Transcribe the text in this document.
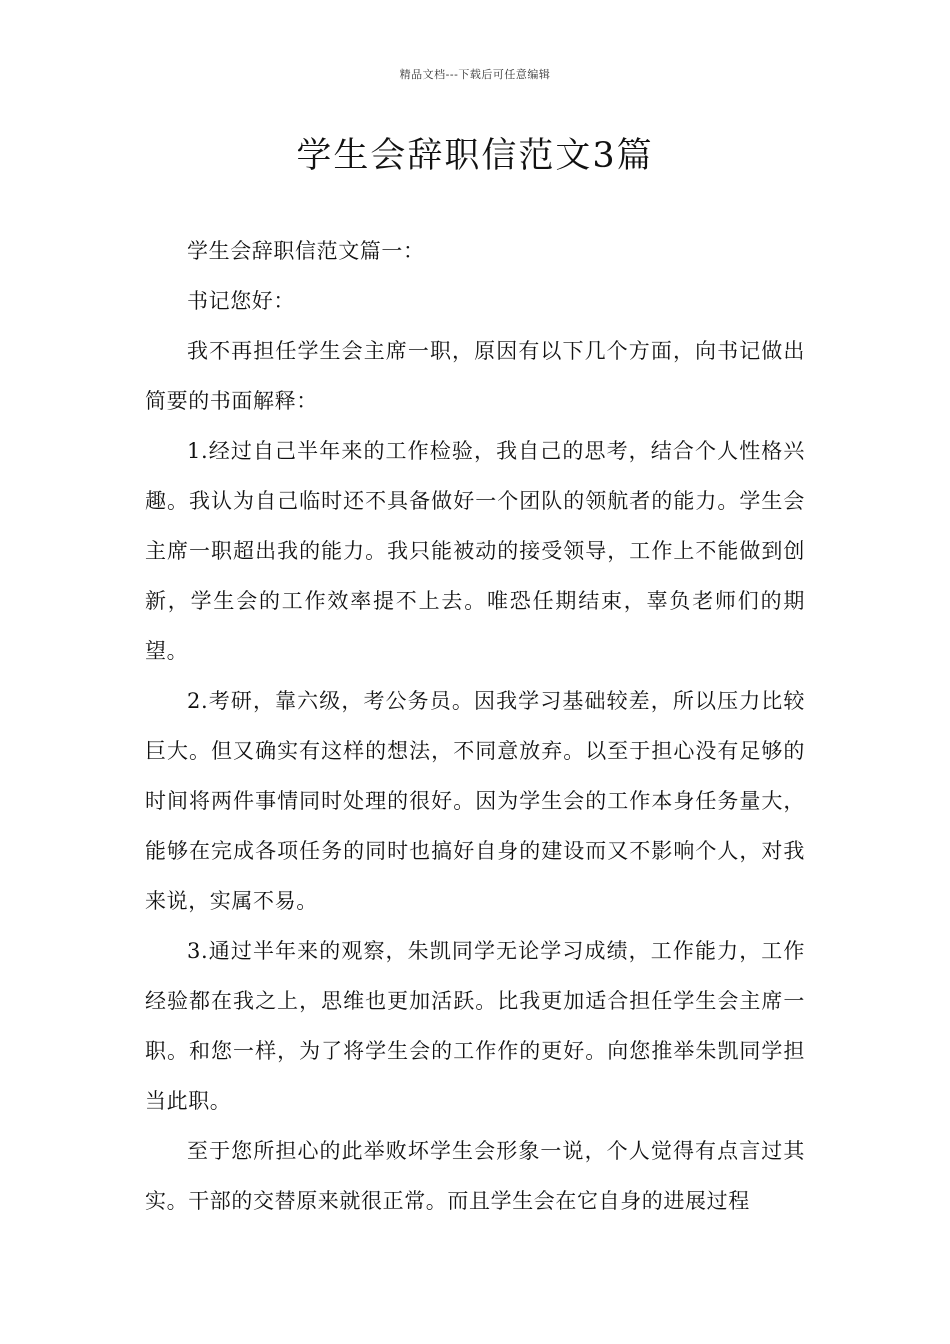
精品文档---下载后可任意编辑
学生会辞职信范文3篇

学生会辞职信范文篇一：

书记您好：

我不再担任学生会主席一职，原因有以下几个方面，向书记做出简要的书面解释：

1.经过自己半年来的工作检验，我自己的思考，结合个人性格兴趣。我认为自己临时还不具备做好一个团队的领航者的能力。学生会主席一职超出我的能力。我只能被动的接受领导，工作上不能做到创新，学生会的工作效率提不上去。唯恐任期结束，辜负老师们的期望。

2.考研，靠六级，考公务员。因我学习基础较差，所以压力比较巨大。但又确实有这样的想法，不同意放弃。以至于担心没有足够的时间将两件事情同时处理的很好。因为学生会的工作本身任务量大，能够在完成各项任务的同时也搞好自身的建设而又不影响个人，对我来说，实属不易。

3.通过半年来的观察，朱凯同学无论学习成绩，工作能力，工作经验都在我之上，思维也更加活跃。比我更加适合担任学生会主席一职。和您一样，为了将学生会的工作作的更好。向您推举朱凯同学担当此职。

至于您所担心的此举败坏学生会形象一说，个人觉得有点言过其实。干部的交替原来就很正常。而且学生会在它自身的进展过程
